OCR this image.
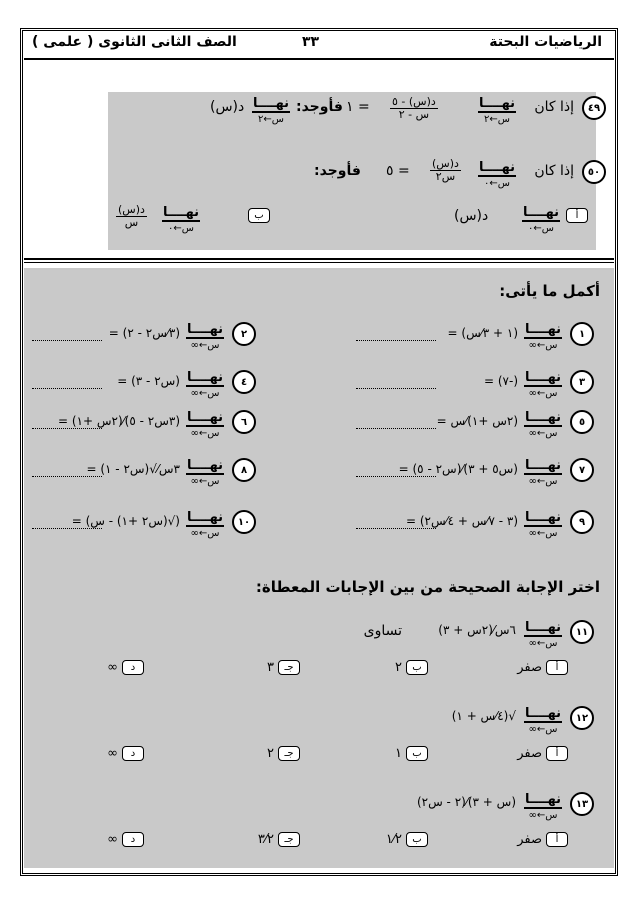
الرياضيات البحتة
٣٣
الصف الثانى الثانوى ( علمى )
٤٩
إذا كان
نهــــا
س←٢
د(س) - ٥
س - ٢
= ١
فأوجد:
نهــــا
س←٢
د(س)
٥٠
إذا كان
نهــــا
س←٠
د(س)
س٢
= ٥
فأوجد:
أ
نهــــا
س←٠
د(س)
ب
نهــــا
س←٠
د(س)
س
أكمل ما يأتى:
١
نهــــا
س←∞
(١ + ٣⁄س) =
٢
نهــــا
س←∞
(٣⁄س٢ - ٢) =
٣
نهــــا
س←∞
(-٧) =
٤
نهــــا
س←∞
(س٢ - ٣) =
٥
نهــــا
س←∞
(٢س +١)⁄س =
٦
نهــــا
س←∞
(٣س٢ - ٥)⁄(٢س +١) =
٧
نهــــا
س←∞
(س٥ + ٣)⁄(س٢ - ٥) =
٨
نهــــا
س←∞
٣س⁄√(س٢ - ١) =
٩
نهــــا
س←∞
(٣ - ٧⁄س + ٤⁄س٢) =
١٠
نهــــا
س←∞
(√(س٢ +١) - س) =
اختر الإجابة الصحيحة من بين الإجابات المعطاة:
١١
نهــــا
س←∞
٦س⁄(٢س + ٣)
تساوى
أ
صفر
ب
٢
جـ
٣
د
∞
١٢
نهــــا
س←∞
√(٤⁄س + ١)
أ
صفر
ب
١
جـ
٢
د
∞
١٣
نهــــا
س←∞
(س + ٣)⁄(٢ - س٢)
أ
صفر
ب
١⁄٢
جـ
٣⁄٢
د
∞
